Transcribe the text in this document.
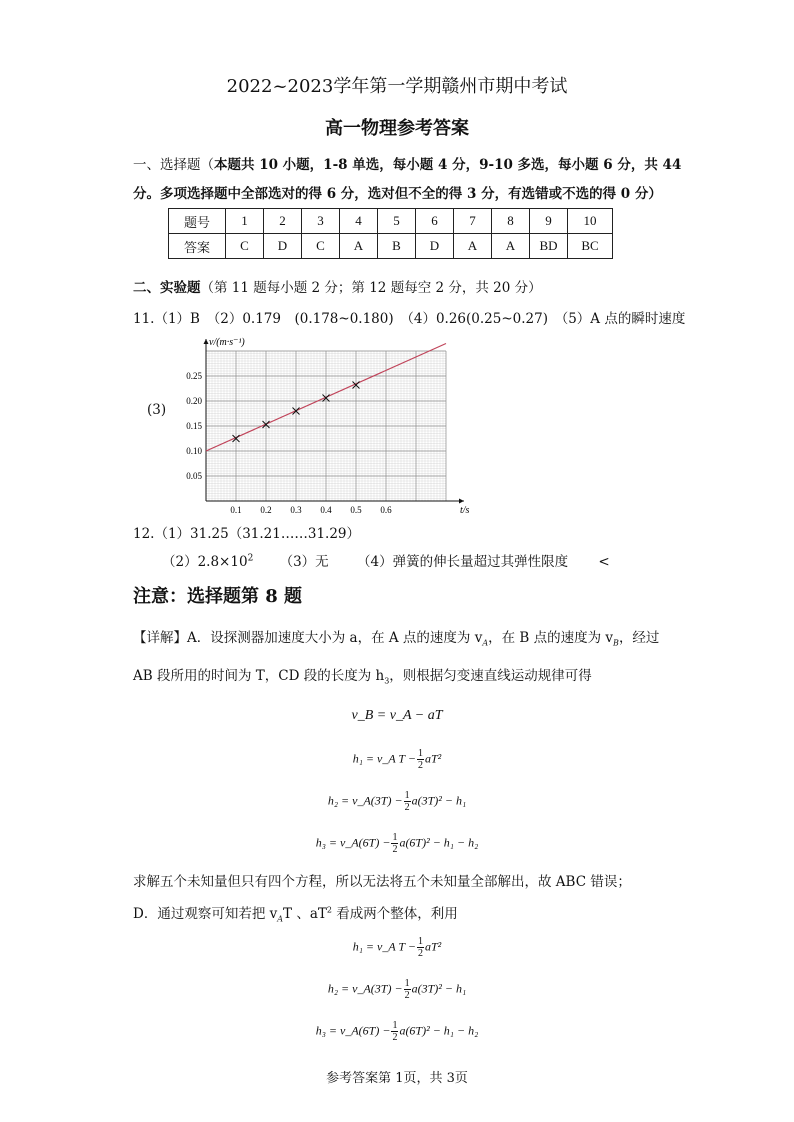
2022~2023学年第一学期赣州市期中考试
高一物理参考答案
一、选择题（本题共 10 小题，1-8 单选，每小题 4 分，9-10 多选，每小题 6 分，共 44
分。多项选择题中全部选对的得 6 分，选对但不全的得 3 分，有选错或不选的得 0 分）
题号	1	2	3	4	5	6	7	8	9	10
答案	C	D	C	A	B	D	A	A	BD	BC
二、实验题（第 11 题每小题 2 分；第 12 题每空 2 分，共 20 分）
11.（1）B　（2）0.179　(0.178~0.180)　（4）0.26(0.25~0.27)　（5）A 点的瞬时速度
(3)
0.1 0.2 0.3 0.4 0.5 0.6
0.05
0.10
0.15
0.20
0.25
v/(m·s⁻¹)
t/s
12.（1）31.25（31.21……31.29）
$(2)2.8\times 10^2$ （3）无 （4）弹簧的伸长量超过其弹性限度 <
注意：选择题第 8 题
【详解】A．设探测器加速度大小为 a，在 A 点的速度为 $v_A$，在 B 点的速度为 $v_B$，经过
AB 段所用的时间为 T，CD 段的长度为 $h_3$，则根据匀变速直线运动规律可得
v_B = v_A − aT
h₁ = v_A $T - \frac{1}{2} aT^2$
h₂ = v_A(3T) − $\frac{1}{2} a(3T)^2 - h_1$
h₃ = v_A(6T) − $\frac{1}{2} a(6T)^2 - h_1 - h_2$
求解五个未知量但只有四个方程，所以无法将五个未知量全部解出，故 ABC 错误；
D．通过观察可知若把 $v_AT$ 、$aT^2$ 看成两个整体，利用
h₁ = v_A $T - \frac{1}{2} aT^2$
h₂ = v_A(3T) − $\frac{1}{2} a(3T)^2 - h_1$
h₃ = v_A(6T) − $\frac{1}{2} a(6T)^2 - h_1 - h_2$
参考答案第 1页，共 3页
